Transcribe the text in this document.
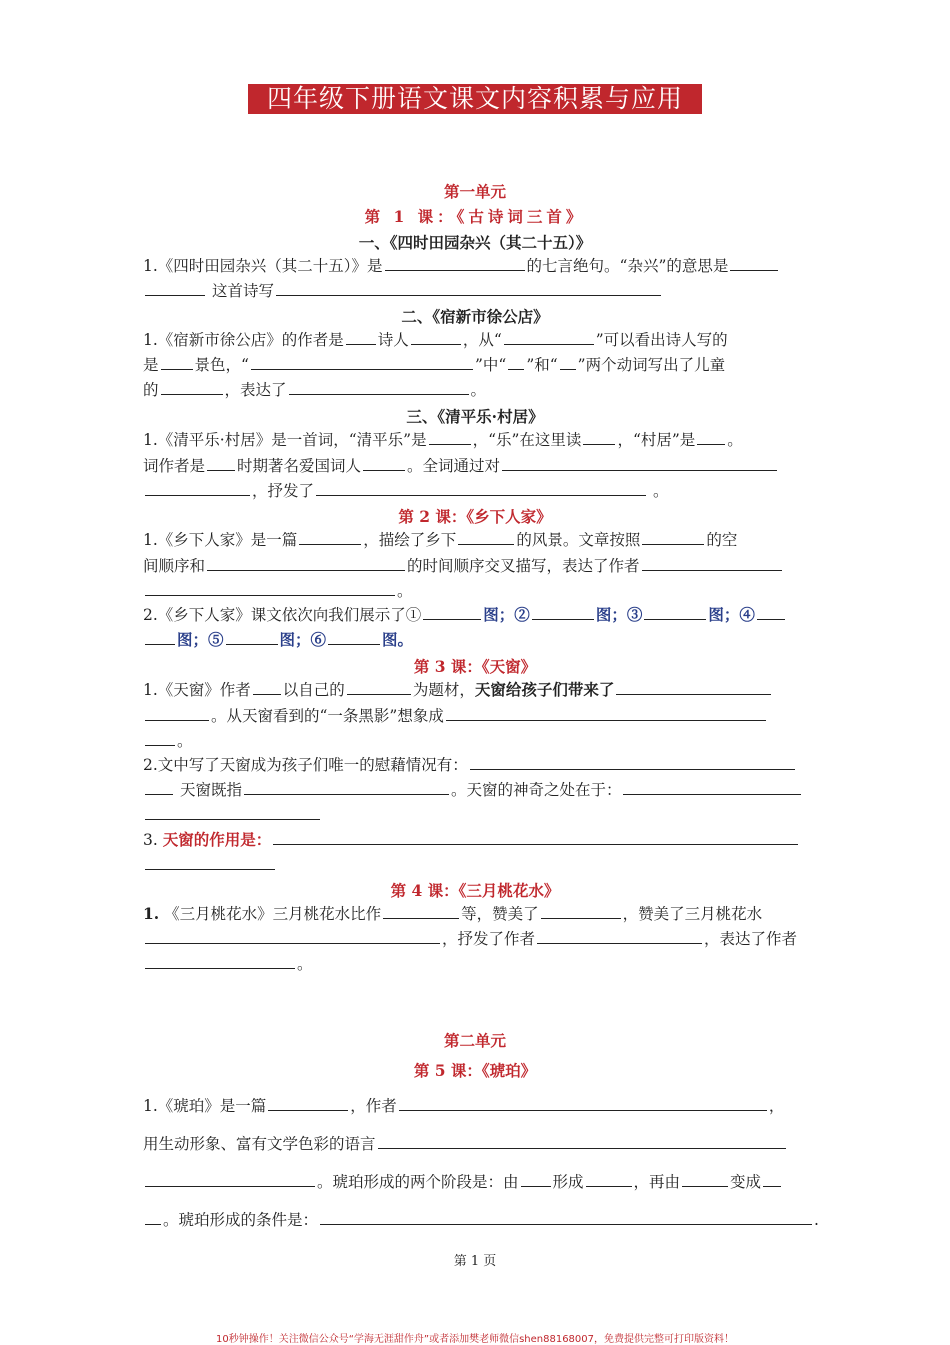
四年级下册语文课文内容积累与应用
第一单元
第 1 课：《古诗词三首》
一、《四时田园杂兴（其二十五）》
1.《四时田园杂兴（其二十五）》是	的七言绝句。“杂兴”的意思是
这首诗写
二、《宿新市徐公店》
1.《宿新市徐公店》的作者是 诗人	，从“	”可以看出诗人写的
是 景色，“	”中“ ”和“ ”两个动词写出了儿童
的	，表达了	。
三、《清平乐·村居》
1.《清平乐·村居》是一首词，“清平乐”是	，“乐”在这里读 ，“村居”是 。
词作者是 时期著名爱国词人	。全词通过对
，抒发了	。
第 2 课：《乡下人家》
1.《乡下人家》是一篇	，描绘了乡下	的风景。文章按照	的空
间顺序和	的时间顺序交叉描写，表达了作者
。
2.《乡下人家》课文依次向我们展示了①	图；②	图；③	图；④
图；⑤	图；⑥	图。
第 3 课：《天窗》
1.《天窗》作者 以自己的	为题材，天窗给孩子们带来了
。从天窗看到的“一条黑影”想象成
。
2.文中写了天窗成为孩子们唯一的慰藉情况有：
天窗既指	。天窗的神奇之处在于：
3. 天窗的作用是：
第 4 课：《三月桃花水》
1. 《三月桃花水》三月桃花水比作	等，赞美了	，赞美了三月桃花水
，抒发了作者	，表达了作者
。
第二单元
第 5 课：《琥珀》
1.《琥珀》是一篇	，作者	，
用生动形象、富有文学色彩的语言
。琥珀形成的两个阶段是：由 形成	，再由	变成
。琥珀形成的条件是：	.
第 1 页
10秒钟操作！关注微信公众号“学海无涯甜作舟”或者添加樊老师微信shen88168007，免费提供完整可打印版资料！
